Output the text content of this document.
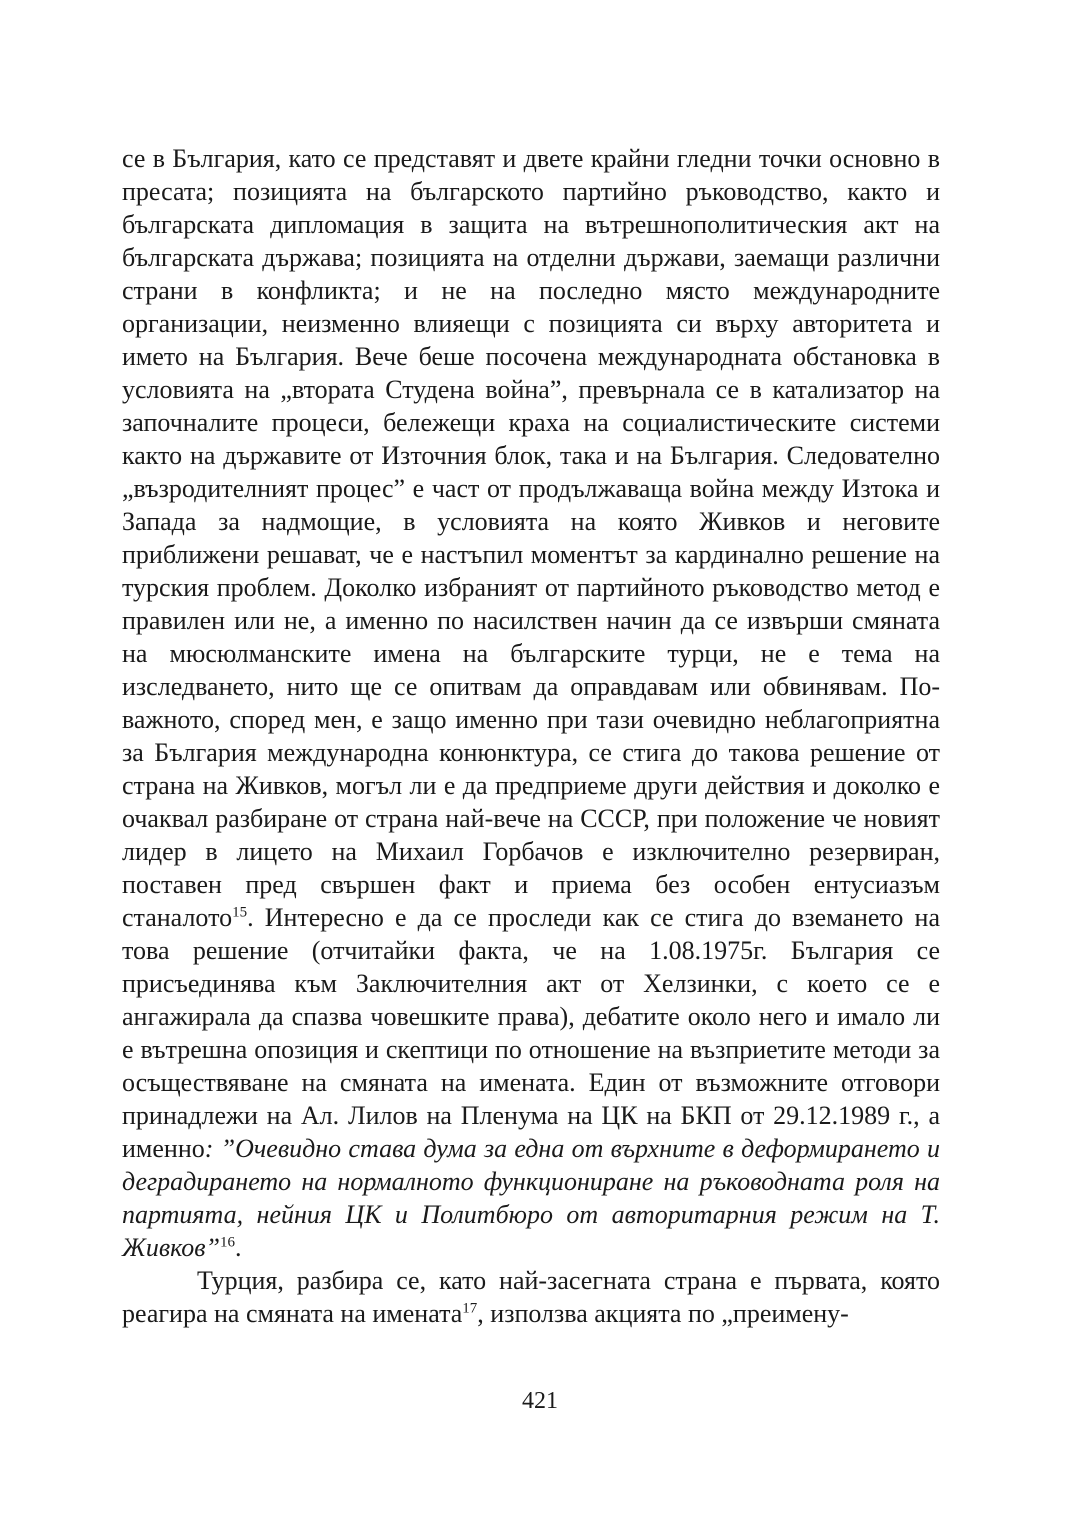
се в България, като се представят и двете крайни гледни точки основно в пресата; позицията на българското партийно ръководство, както и българската дипломация в защита на вътрешнополитическия акт на българската държава; позицията на отделни държави, заемащи различни страни в конфликта; и не на последно място международните организации, неизменно влияещи с позицията си върху авторитета и името на България. Вече беше посочена международната обстановка в условията на „втората Студена война”, превърнала се в катализатор на започналите процеси, бележещи краха на социалистическите системи както на държавите от Източния блок, така и на България. Следователно „възродителният процес” е част от продължаваща война между Изтока и Запада за надмощие, в условията на която Живков и неговите приближени решават, че е настъпил моментът за кардинално решение на турския проблем. Доколко избраният от партийното ръководство метод е правилен или не, а именно по насилствен начин да се извърши смяната на мюсюлманските имена на българските турци, не е тема на изследването, нито ще се опитвам да оправдавам или обвинявам. По-важното, според мен, е защо именно при тази очевидно неблагоприятна за България международна конюнктура, се стига до такова решение от страна на Живков, могъл ли е да предприеме други действия и доколко е очаквал разбиране от страна най-вече на СССР, при положение че новият лидер в лицето на Михаил Горбачов е изключително резервиран, поставен пред свършен факт и приема без особен ентусиазъм станалото$^{15}$. Интересно е да се проследи как се стига до вземането на това решение (отчитайки факта, че на 1.08.1975г. България се присъединява към Заключителния акт от Хелзинки, с което се е ангажирала да спазва човешките права), дебатите около него и имало ли е вътрешна опозиция и скептици по отношение на възприетите методи за осъществяване на смяната на имената. Един от възможните отговори принадлежи на Ал. Лилов на Пленума на ЦК на БКП от 29.12.1989 г., а именно: ”Очевидно става дума за една от върхните в деформирането и деградирането на нормалното функциониране на ръководната роля на партията, нейния ЦК и Политбюро от авторитарния режим на Т. Живков”$^{16}$.

Турция, разбира се, като най-засегната страна е първата, която реагира на смяната на имената$^{17}$, използва акцията по „преимену-

421
